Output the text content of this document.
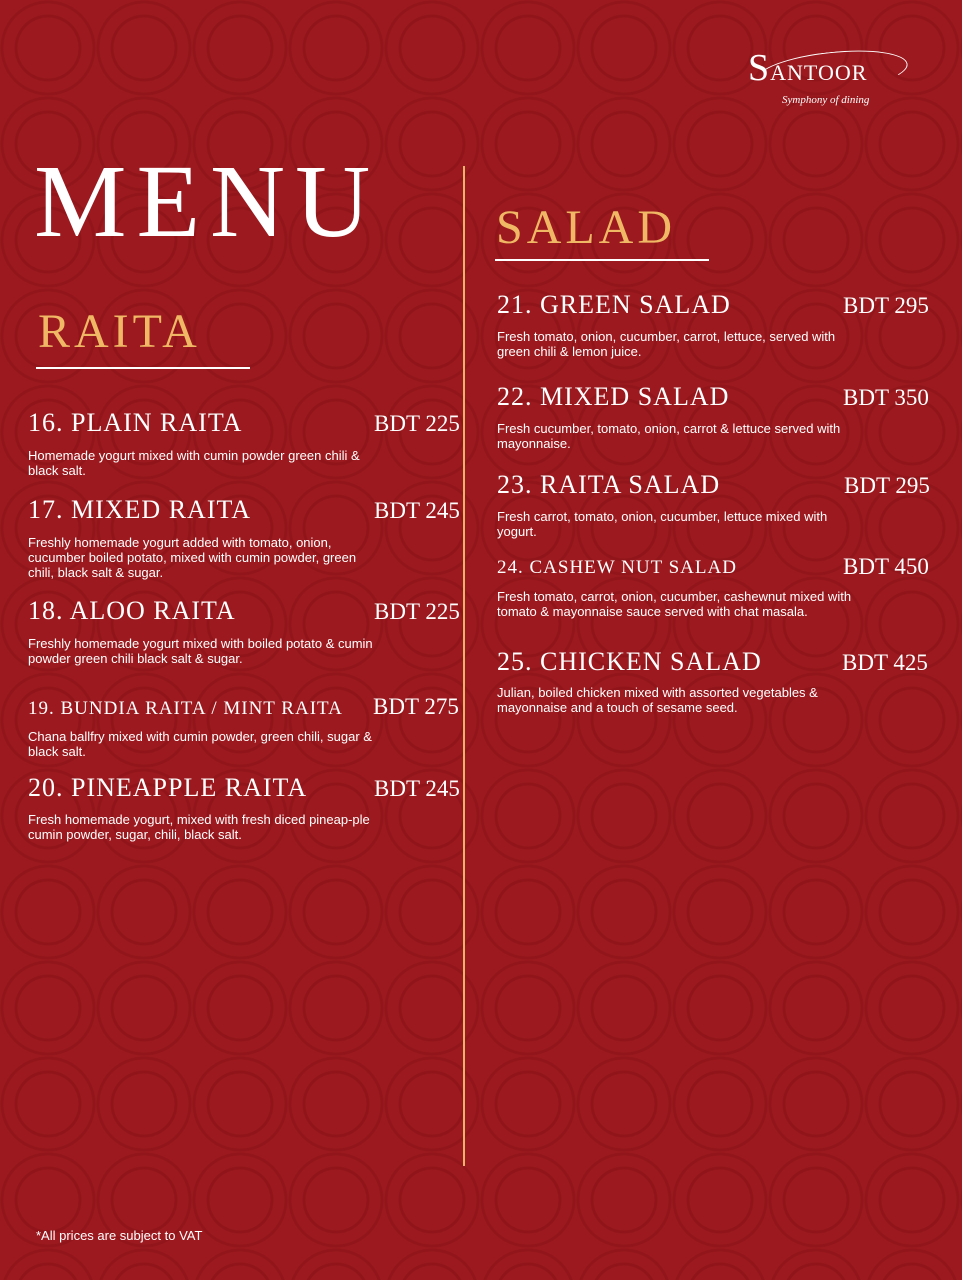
SANTOOR
Symphony of dining
MENU
RAITA
16. PLAIN RAITA	BDT 225
Homemade yogurt mixed with cumin powder green chili & black salt.
17. MIXED RAITA	BDT 245
Freshly homemade yogurt added with tomato, onion, cucumber boiled potato, mixed with cumin powder, green chili, black salt & sugar.
18. ALOO RAITA	BDT 225
Freshly homemade yogurt mixed with boiled potato & cumin powder green chili black salt & sugar.
19. BUNDIA RAITA / MINT RAITA BDT 275
Chana ballfry mixed with cumin powder, green chili, sugar & black salt.
20. PINEAPPLE RAITA	BDT 245
Fresh homemade yogurt, mixed with fresh diced pineap-ple cumin powder, sugar, chili, black salt.
SALAD
21. GREEN SALAD	BDT 295
Fresh tomato, onion, cucumber, carrot, lettuce, served with green chili & lemon juice.
22. MIXED SALAD	BDT 350
Fresh cucumber, tomato, onion, carrot & lettuce served with mayonnaise.
23. RAITA SALAD	BDT 295
Fresh carrot, tomato, onion, cucumber, lettuce mixed with yogurt.
24. CASHEW NUT SALAD	BDT 450
Fresh tomato, carrot, onion, cucumber, cashewnut mixed with tomato & mayonnaise sauce served with chat masala.
25. CHICKEN SALAD	BDT 425
Julian, boiled chicken mixed with assorted vegetables & mayonnaise and a touch of sesame seed.
*All prices are subject to VAT
